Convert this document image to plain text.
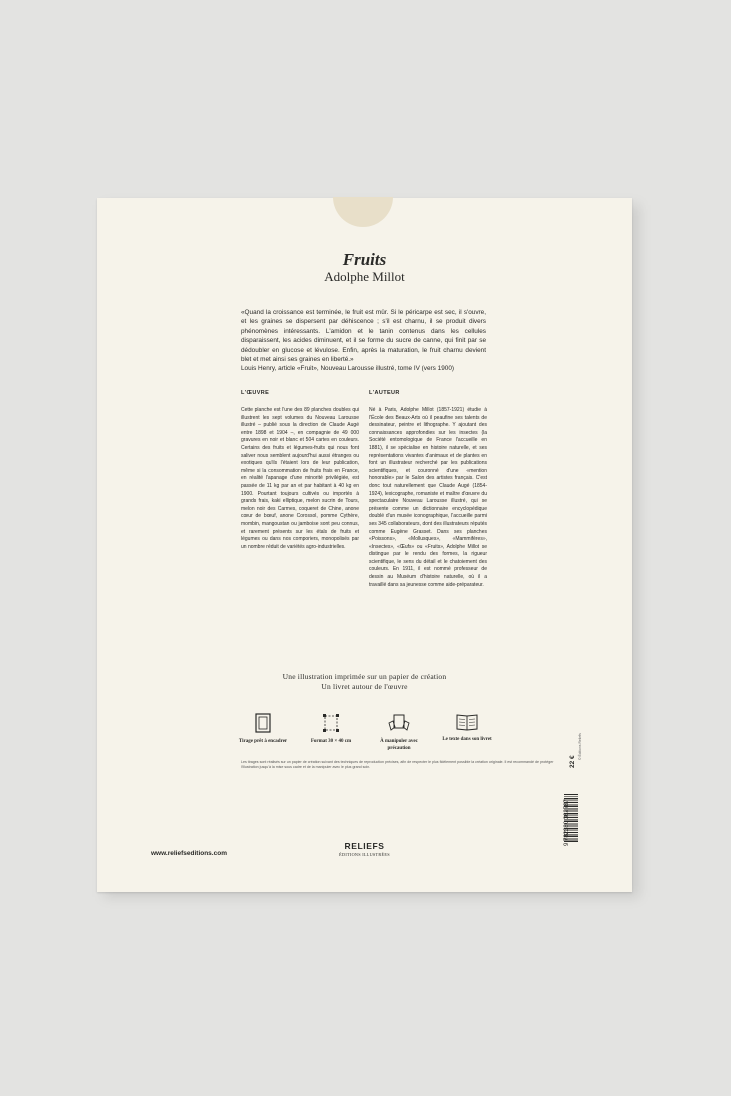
Fruits
Adolphe Millot

«Quand la croissance est terminée, le fruit est mûr. Si le péricarpe est sec, il s'ouvre, et les graines se dispersent par déhiscence ; s'il est charnu, il se produit divers phénomènes intéressants. L'amidon et le tanin contenus dans les cellules disparaissent, les acides diminuent, et il se forme du sucre de canne, qui finit par se dédoubler en glucose et lévulose. Enfin, après la maturation, le fruit charnu devient blet et met ainsi ses graines en liberté.»

Louis Henry, article «Fruit», Nouveau Larousse illustré, tome IV (vers 1900)

L'ŒUVRE	L'AUTEUR

Cette planche est l'une des 89 planches doubles qui illustrent les sept volumes du Nouveau Larousse illustré – publié sous la direction de Claude Augé entre 1898 et 1904 –, en compagnie de 49 000 gravures en noir et blanc et 504 cartes en couleurs. Certains des fruits et légumes-fruits qui nous font saliver nous semblent aujourd'hui aussi étranges ou exotiques qu'ils l'étaient lors de leur publication, même si la consommation de fruits frais en France, en réalité l'apanage d'une minorité privilégiée, est passée de 11 kg par an et par habitant à 40 kg en 1900. Pourtant toujours cultivés ou importés à grands frais, kaki elliptique, melon sucrin de Tours, melon noir des Carmes, coqueret de Chine, anone cœur de bœuf, anone Corossol, pomme Cythère, mombin, mangoustan ou jamboise sont peu connus, et rarement présents sur les étals de fruits et légumes ou dans nos comporiers, monopolisés par un nombre réduit de variétés agro-industrielles.

Né à Paris, Adolphe Millot (1857-1921) étudie à l'École des Beaux-Arts où il peaufine ses talents de dessinateur, peintre et lithographe. Y ajoutant des connaissances approfondies sur les insectes (la Société entomologique de France l'accueille en 1881), il se spécialise en histoire naturelle, et ses représentations vivantes d'animaux et de plantes en font un illustrateur recherché par les publications scientifiques, et couronné d'une «mention honorable» par le Salon des artistes français. C'est donc tout naturellement que Claude Augé (1854-1924), lexicographe, romaniste et maître d'œuvre du spectaculaire Nouveau Larousse illustré, qui se présente comme un dictionnaire encyclopédique doublé d'un musée iconographique, l'accueille parmi ses 345 collaborateurs, dont des illustrateurs réputés comme Eugène Grasset. Dans ses planches «Poissons», «Mollusques», «Mammifères», «Insectes», «Œufs» ou «Fruits», Adolphe Millot se distingue par le rendu des formes, la rigueur scientifique, le sens du détail et le chatoiement des couleurs. En 1911, il est nommé professeur de dessin au Muséum d'histoire naturelle, où il a travaillé dans sa jeunesse comme aide-préparateur.

Une illustration imprimée sur un papier de création
Un livret autour de l'œuvre
Tirage prêt à encadrer	Format 30 × 40 cm	À manipuler avec précaution
Le texte dans son livret
Les tirages sont réalisés sur un papier de création suivant des techniques de reproduction précises, afin de respecter le plus fidèlement possible la création originale. Il est recommandé de protéger l'illustration jusqu'à la mise sous cadre et de la manipuler avec le plus grand soin.	22 €
© Éditions Reliefs
9 782380 362787
www.reliefseditions.com
RELIEFS
ÉDITIONS ILLUSTRÉES
